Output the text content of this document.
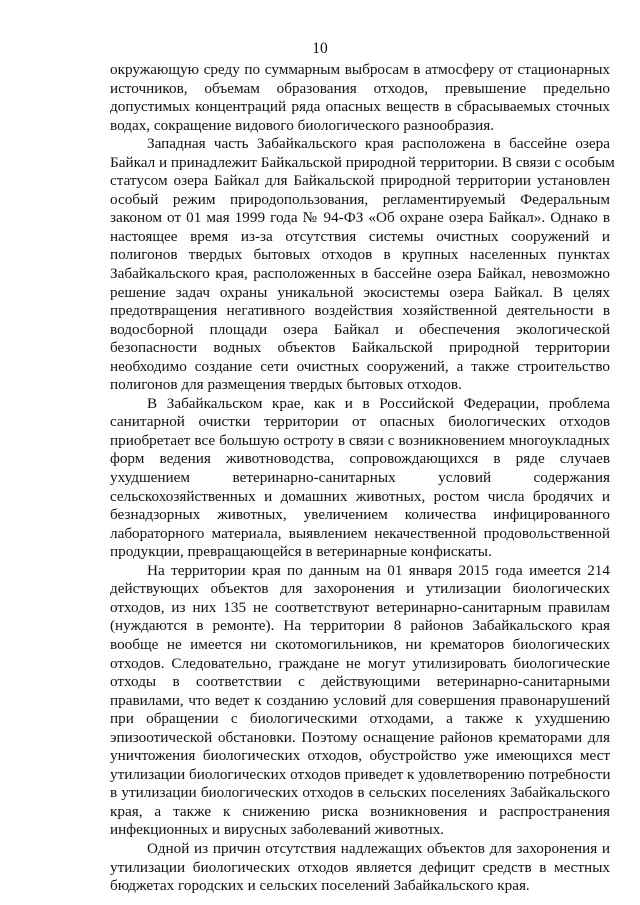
10
окружающую среду по суммарным выбросам в атмосферу от стационарных
источников, объемам образования отходов, превышение предельно
допустимых концентраций ряда опасных веществ в сбрасываемых сточных
водах, сокращение видового биологического разнообразия.
Западная часть Забайкальского края расположена в бассейне озера
Байкал и принадлежит Байкальской природной территории. В связи с особым
статусом озера Байкал для Байкальской природной территории установлен
особый режим природопользования, регламентируемый Федеральным
законом от 01 мая 1999 года № 94-ФЗ «Об охране озера Байкал». Однако в
настоящее время из-за отсутствия системы очистных сооружений и
полигонов твердых бытовых отходов в крупных населенных пунктах
Забайкальского края, расположенных в бассейне озера Байкал, невозможно
решение задач охраны уникальной экосистемы озера Байкал. В целях
предотвращения негативного воздействия хозяйственной деятельности в
водосборной площади озера Байкал и обеспечения экологической
безопасности водных объектов Байкальской природной территории
необходимо создание сети очистных сооружений, а также строительство
полигонов для размещения твердых бытовых отходов.
В Забайкальском крае, как и в Российской Федерации, проблема
санитарной очистки территории от опасных биологических отходов
приобретает все большую остроту в связи с возникновением многоукладных
форм ведения животноводства, сопровождающихся в ряде случаев
ухудшением ветеринарно-санитарных условий содержания
сельскохозяйственных и домашних животных, ростом числа бродячих и
безнадзорных животных, увеличением количества инфицированного
лабораторного материала, выявлением некачественной продовольственной
продукции, превращающейся в ветеринарные конфискаты.
На территории края по данным на 01 января 2015 года имеется 214
действующих объектов для захоронения и утилизации биологических
отходов, из них 135 не соответствуют ветеринарно-санитарным правилам
(нуждаются в ремонте). На территории 8 районов Забайкальского края
вообще не имеется ни скотомогильников, ни крематоров биологических
отходов. Следовательно, граждане не могут утилизировать биологические
отходы в соответствии с действующими ветеринарно-санитарными
правилами, что ведет к созданию условий для совершения правонарушений
при обращении с биологическими отходами, а также к ухудшению
эпизоотической обстановки. Поэтому оснащение районов крематорами для
уничтожения биологических отходов, обустройство уже имеющихся мест
утилизации биологических отходов приведет к удовлетворению потребности
в утилизации биологических отходов в сельских поселениях Забайкальского
края, а также к снижению риска возникновения и распространения
инфекционных и вирусных заболеваний животных.
Одной из причин отсутствия надлежащих объектов для захоронения и
утилизации биологических отходов является дефицит средств в местных
бюджетах городских и сельских поселений Забайкальского края.
